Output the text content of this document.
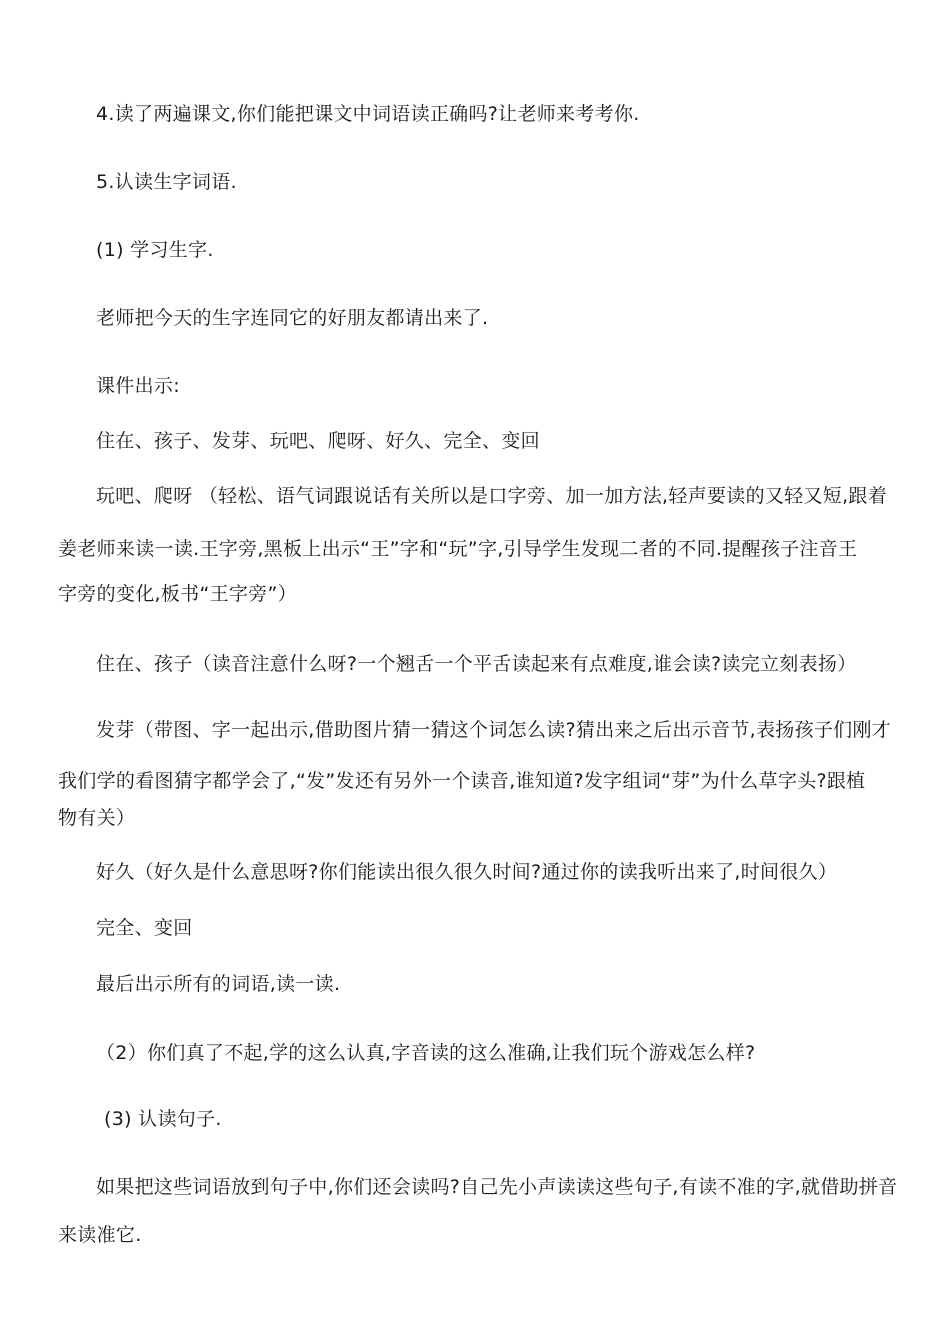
4.读了两遍课文,你们能把课文中词语读正确吗?让老师来考考你.
5.认读生字词语.
(1) 学习生字.
老师把今天的生字连同它的好朋友都请出来了.
课件出示:
住在、孩子、发芽、玩吧、爬呀、好久、完全、变回
玩吧、爬呀 （轻松、语气词跟说话有关所以是口字旁、加一加方法,轻声要读的又轻又短,跟着
姜老师来读一读.王字旁,黑板上出示“王”字和“玩”字,引导学生发现二者的不同.提醒孩子注音王
字旁的变化,板书“王字旁”）
住在、孩子（读音注意什么呀?一个翘舌一个平舌读起来有点难度,谁会读?读完立刻表扬）
发芽（带图、字一起出示,借助图片猜一猜这个词怎么读?猜出来之后出示音节,表扬孩子们刚才
我们学的看图猜字都学会了,“发”发还有另外一个读音,谁知道?发字组词“芽”为什么草字头?跟植
物有关）
好久（好久是什么意思呀?你们能读出很久很久时间?通过你的读我听出来了,时间很久）
完全、变回
最后出示所有的词语,读一读.
（2）你们真了不起,学的这么认真,字音读的这么准确,让我们玩个游戏怎么样?
(3) 认读句子.
如果把这些词语放到句子中,你们还会读吗?自己先小声读读这些句子,有读不准的字,就借助拼音
来读准它.
